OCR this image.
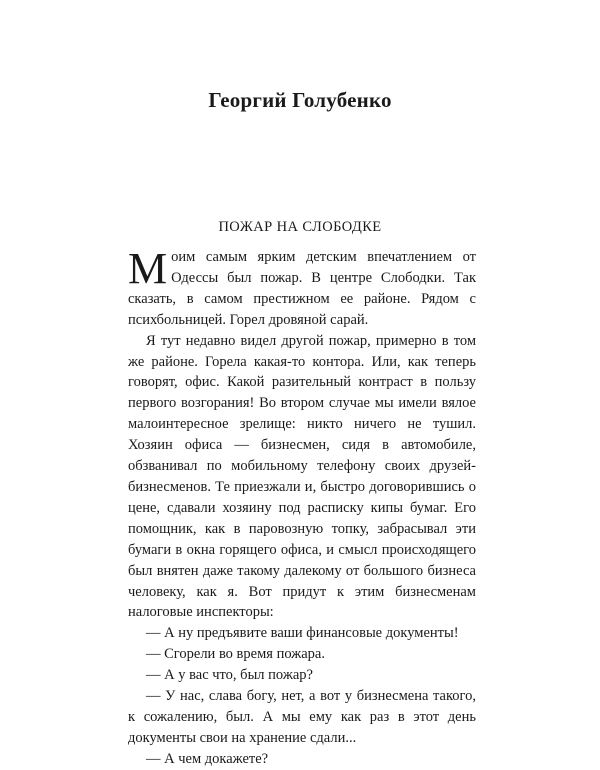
Георгий Голубенко
ПОЖАР НА СЛОБОДКЕ

Моим самым ярким детским впечатлением от Одессы был пожар. В центре Слободки. Так сказать, в самом престижном ее районе. Рядом с психбольницей. Горел дровяной сарай.

Я тут недавно видел другой пожар, примерно в том же районе. Горела какая-то контора. Или, как теперь говорят, офис. Какой разительный контраст в пользу первого возгорания! Во втором случае мы имели вялое малоинтересное зрелище: никто ничего не тушил. Хозяин офиса — бизнесмен, сидя в автомобиле, обзванивал по мобильному телефону своих друзей-бизнесменов. Те приезжали и, быстро договорившись о цене, сдавали хозяину под расписку кипы бумаг. Его помощник, как в паровозную топку, забрасывал эти бумаги в окна горящего офиса, и смысл происходящего был внятен даже такому далекому от большого бизнеса человеку, как я. Вот придут к этим бизнесменам налоговые инспекторы:

— А ну предъявите ваши финансовые документы!

— Сгорели во время пожара.

— А у вас что, был пожар?

— У нас, слава богу, нет, а вот у бизнесмена такого, к сожалению, был. А мы ему как раз в этот день документы свои на хранение сдали...

— А чем докажете?
